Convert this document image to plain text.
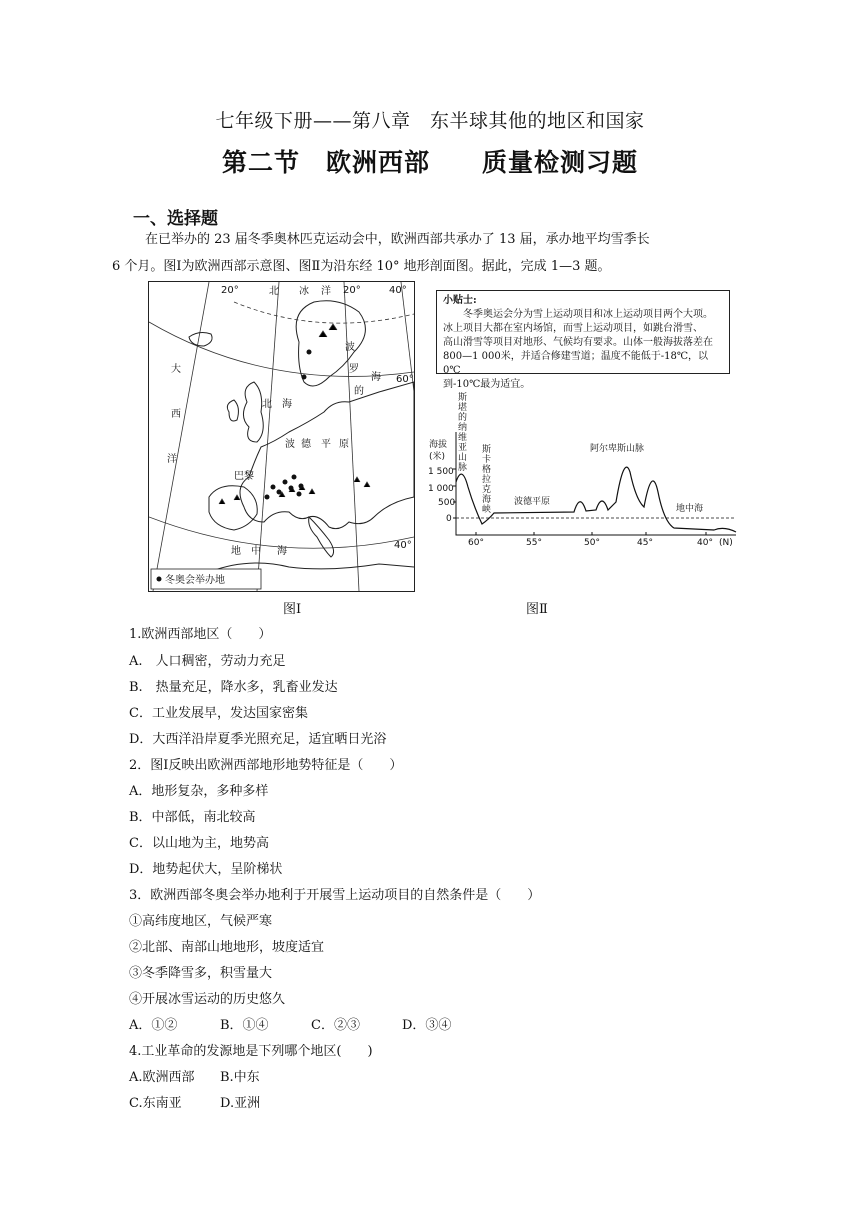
七年级下册——第八章　东半球其他的地区和国家
第二节　欧洲西部　　质量检测习题
一、选择题
在已举办的 23 届冬季奥林匹克运动会中，欧洲西部共承办了 13 届，承办地平均雪季长
6 个月。图Ⅰ为欧洲西部示意图、图Ⅱ为沿东经 10° 地形剖面图。据此，完成 1—3 题。
20°	20°	40°
60°
40°
北 冰 洋
大
西
洋
北 海
波
罗
的
海
波 德 平 原
巴黎
地 中 海
冬奥会举办地
图Ⅰ
小贴士:
冬季奥运会分为雪上运动项目和冰上运动项目两个大项。
冰上项目大都在室内场馆，而雪上运动项目，如跳台滑雪、
高山滑雪等项目对地形、气候均有要求。山体一般海拔落差在
800—1 000米，并适合修建雪道；温度不能低于-18℃，以0℃
到-10℃最为适宜。
海拔
(米)
1 500
1 000
500
0
60°	55°	50°	45°	40° (N)
斯
堪
的
纳
维
亚
山
脉
斯
卡
格
拉
克
海
峡
波德平原
阿尔卑斯山脉
地中海
图Ⅱ
1.欧洲西部地区（　　）
A.　人口稠密，劳动力充足
B.　热量充足，降水多，乳畜业发达
C．工业发展早，发达国家密集
D．大西洋沿岸夏季光照充足，适宜晒日光浴
2．图Ⅰ反映出欧洲西部地形地势特征是（　　）
A．地形复杂，多种多样
B．中部低，南北较高
C．以山地为主，地势高
D．地势起伏大，呈阶梯状
3．欧洲西部冬奥会举办地利于开展雪上运动项目的自然条件是（　　）
①高纬度地区，气候严寒
②北部、南部山地地形，坡度适宜
③冬季降雪多，积雪量大
④开展冰雪运动的历史悠久
A．①②	B．①④	C．②③	D．③④
4.工业革命的发源地是下列哪个地区(　　)
A.欧洲西部 B.中东
C.东南亚	D.亚洲
